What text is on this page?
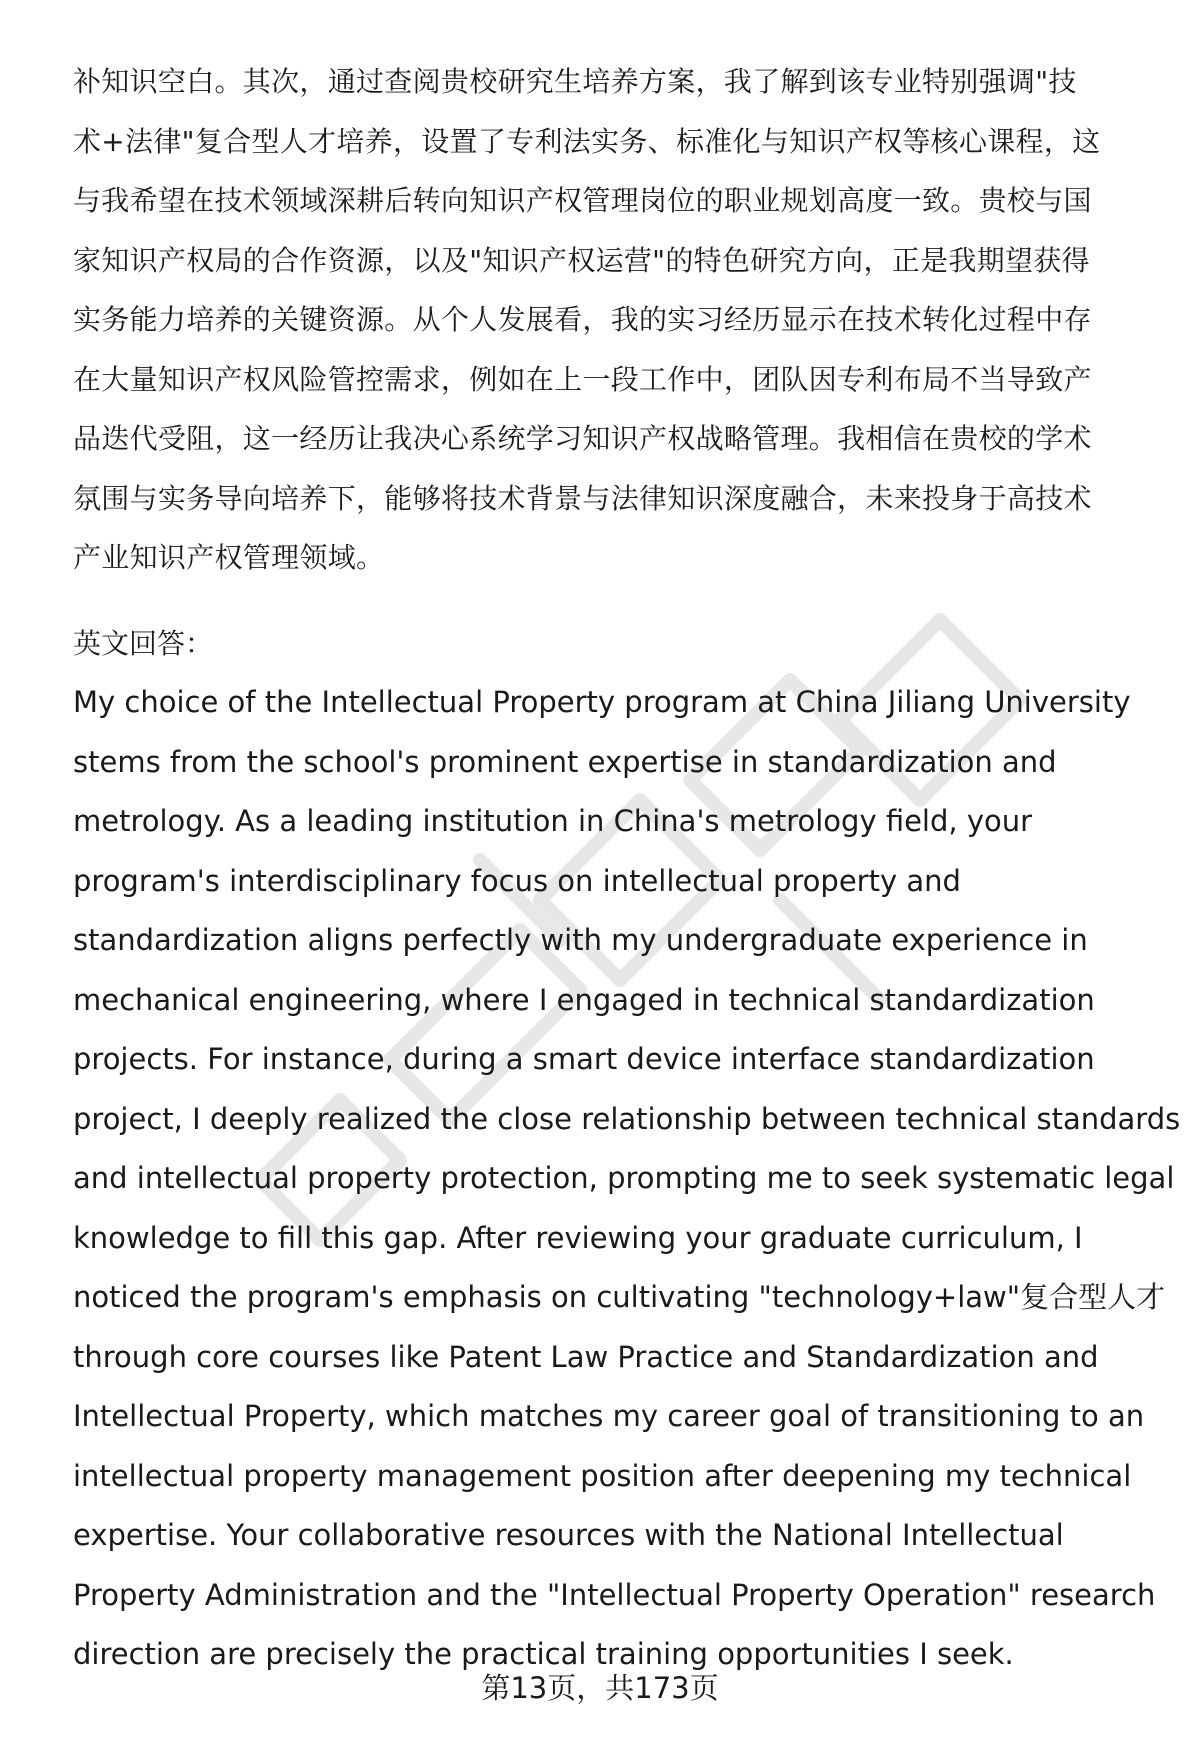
补知识空白。其次，通过查阅贵校研究生培养方案，我了解到该专业特别强调"技
术+法律"复合型人才培养，设置了专利法实务、标准化与知识产权等核心课程，这
与我希望在技术领域深耕后转向知识产权管理岗位的职业规划高度一致。贵校与国
家知识产权局的合作资源，以及"知识产权运营"的特色研究方向，正是我期望获得
实务能力培养的关键资源。从个人发展看，我的实习经历显示在技术转化过程中存
在大量知识产权风险管控需求，例如在上一段工作中，团队因专利布局不当导致产
品迭代受阻，这一经历让我决心系统学习知识产权战略管理。我相信在贵校的学术
氛围与实务导向培养下，能够将技术背景与法律知识深度融合，未来投身于高技术
产业知识产权管理领域。

英文回答：

My choice of the Intellectual Property program at China Jiliang University
stems from the school's prominent expertise in standardization and
metrology. As a leading institution in China's metrology field, your
program's interdisciplinary focus on intellectual property and
standardization aligns perfectly with my undergraduate experience in
mechanical engineering, where I engaged in technical standardization
projects. For instance, during a smart device interface standardization
project, I deeply realized the close relationship between technical standards
and intellectual property protection, prompting me to seek systematic legal
knowledge to fill this gap. After reviewing your graduate curriculum, I
noticed the program's emphasis on cultivating "technology+law"复合型人才
through core courses like Patent Law Practice and Standardization and
Intellectual Property, which matches my career goal of transitioning to an
intellectual property management position after deepening my technical
expertise. Your collaborative resources with the National Intellectual
Property Administration and the "Intellectual Property Operation" research
direction are precisely the practical training opportunities I seek.

第13页，共173页
